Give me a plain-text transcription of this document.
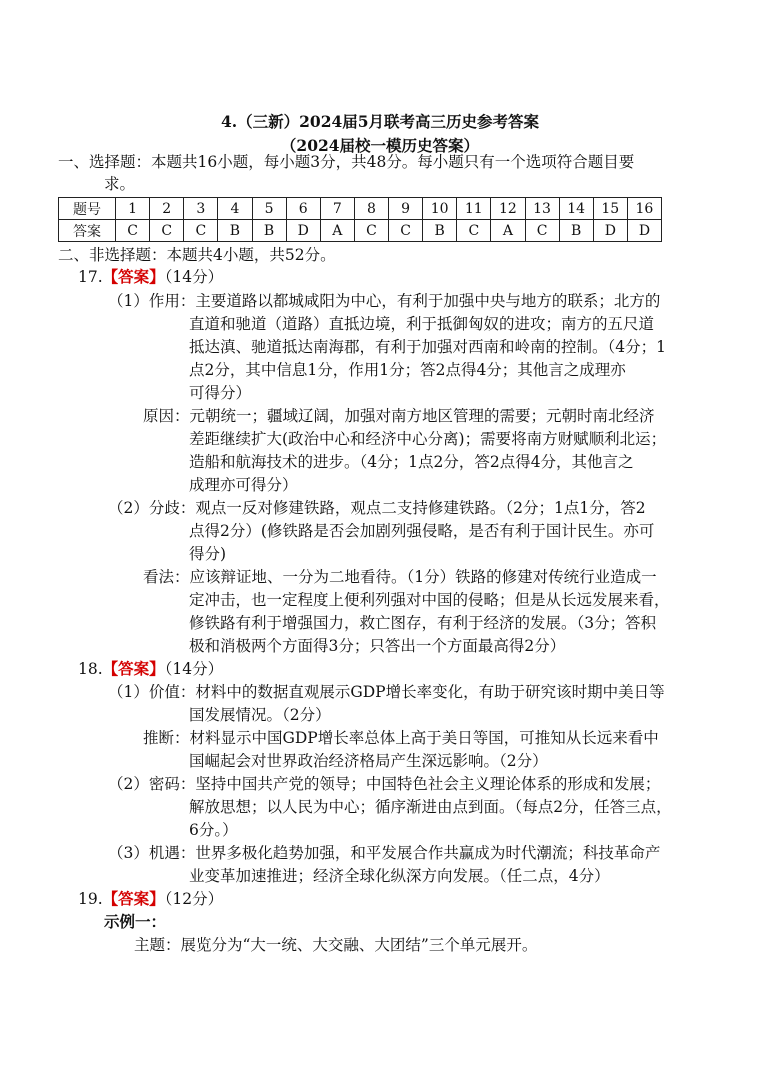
4.（三新）2024届5月联考高三历史参考答案
（2024届校一模历史答案）
一、选择题：本题共16小题，每小题3分，共48分。每小题只有一个选项符合题目要
求。
题号	1	2	3	4	5	6	7	8	9	10	11	12	13	14	15	16
答案	C	C	C	B	B	D	A	C	C	B	C	A	C	B	D	D
二、非选择题：本题共4小题，共52分。
17.【答案】（14分）
（1）作用：主要道路以都城咸阳为中心，有利于加强中央与地方的联系；北方的
直道和驰道（道路）直抵边境，利于抵御匈奴的进攻；南方的五尺道
抵达滇、驰道抵达南海郡，有利于加强对西南和岭南的控制。（4分；1
点2分，其中信息1分，作用1分；答2点得4分；其他言之成理亦
可得分）
原因：元朝统一；疆域辽阔，加强对南方地区管理的需要；元朝时南北经济
差距继续扩大(政治中心和经济中心分离)；需要将南方财赋顺利北运；
造船和航海技术的进步。（4分；1点2分，答2点得4分，其他言之
成理亦可得分）
（2）分歧：观点一反对修建铁路，观点二支持修建铁路。（2分；1点1分，答2
点得2分）(修铁路是否会加剧列强侵略，是否有利于国计民生。亦可
得分)
看法：应该辩证地、一分为二地看待。（1分）铁路的修建对传统行业造成一
定冲击，也一定程度上便利列强对中国的侵略；但是从长远发展来看，
修铁路有利于增强国力，救亡图存，有利于经济的发展。（3分；答积
极和消极两个方面得3分；只答出一个方面最高得2分）
18.【答案】（14分）
（1）价值：材料中的数据直观展示GDP增长率变化，有助于研究该时期中美日等
国发展情况。（2分）
推断：材料显示中国GDP增长率总体上高于美日等国，可推知从长远来看中
国崛起会对世界政治经济格局产生深远影响。（2分）
（2）密码：坚持中国共产党的领导；中国特色社会主义理论体系的形成和发展；
解放思想；以人民为中心；循序渐进由点到面。（每点2分，任答三点，
6分。）
（3）机遇：世界多极化趋势加强，和平发展合作共赢成为时代潮流；科技革命产
业变革加速推进；经济全球化纵深方向发展。（任二点，4分）
19.【答案】（12分）
示例一：
主题：展览分为“大一统、大交融、大团结”三个单元展开。
